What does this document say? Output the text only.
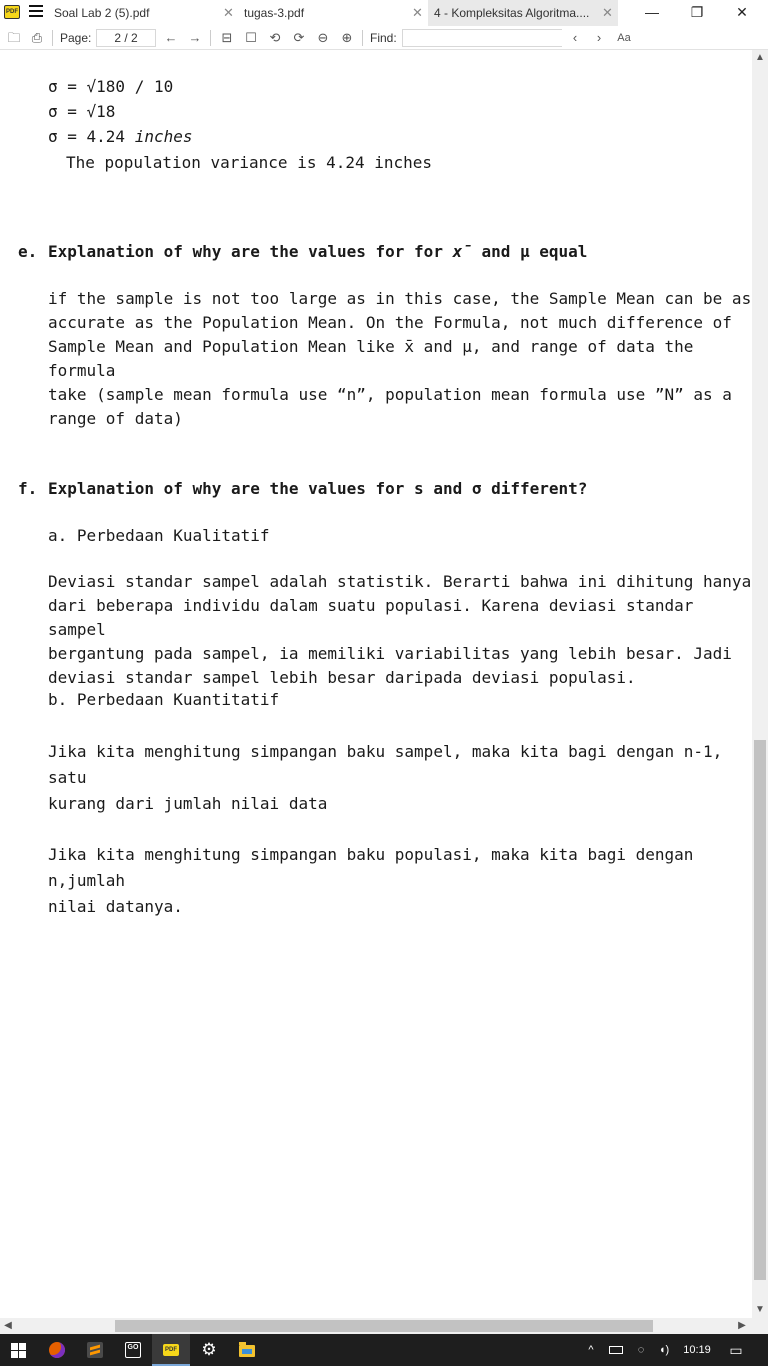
PDF	Soal Lab 2 (5).pdf	✕ tugas-3.pdf	✕ 4 - Kompleksitas Algoritma.... ✕	—	❐	✕
🗀 ⎙ Page:	2 / 2	← → ⊟ ☐ ⟲ ⟳ ⊖ ⊕ Find:	‹	›	Aa
σ = √180 / 10
σ = √18
σ = 4.24 inches
The population variance is 4.24 inches
e. Explanation of why are the values for for x̄ and μ equal
if the sample is not too large as in this case, the Sample Mean can be as
accurate as the Population Mean. On the Formula, not much difference of
Sample Mean and Population Mean like x̄ and μ, and range of data the formula
take (sample mean formula use “n”, population mean formula use ”N” as a
range of data)
f. Explanation of why are the values for s and σ different?
a. Perbedaan Kualitatif
Deviasi standar sampel adalah statistik. Berarti bahwa ini dihitung hanya
dari beberapa individu dalam suatu populasi. Karena deviasi standar sampel
bergantung pada sampel, ia memiliki variabilitas yang lebih besar. Jadi
deviasi standar sampel lebih besar daripada deviasi populasi.
b. Perbedaan Kuantitatif
Jika kita menghitung simpangan baku sampel, maka kita bagi dengan n-1, satu
kurang dari jumlah nilai data
Jika kita menghitung simpangan baku populasi, maka kita bagi dengan n,jumlah
nilai datanya.
▲
▼
◀	▶
GO	PDF ⚙	^	◌	◖)	10:19	▭
